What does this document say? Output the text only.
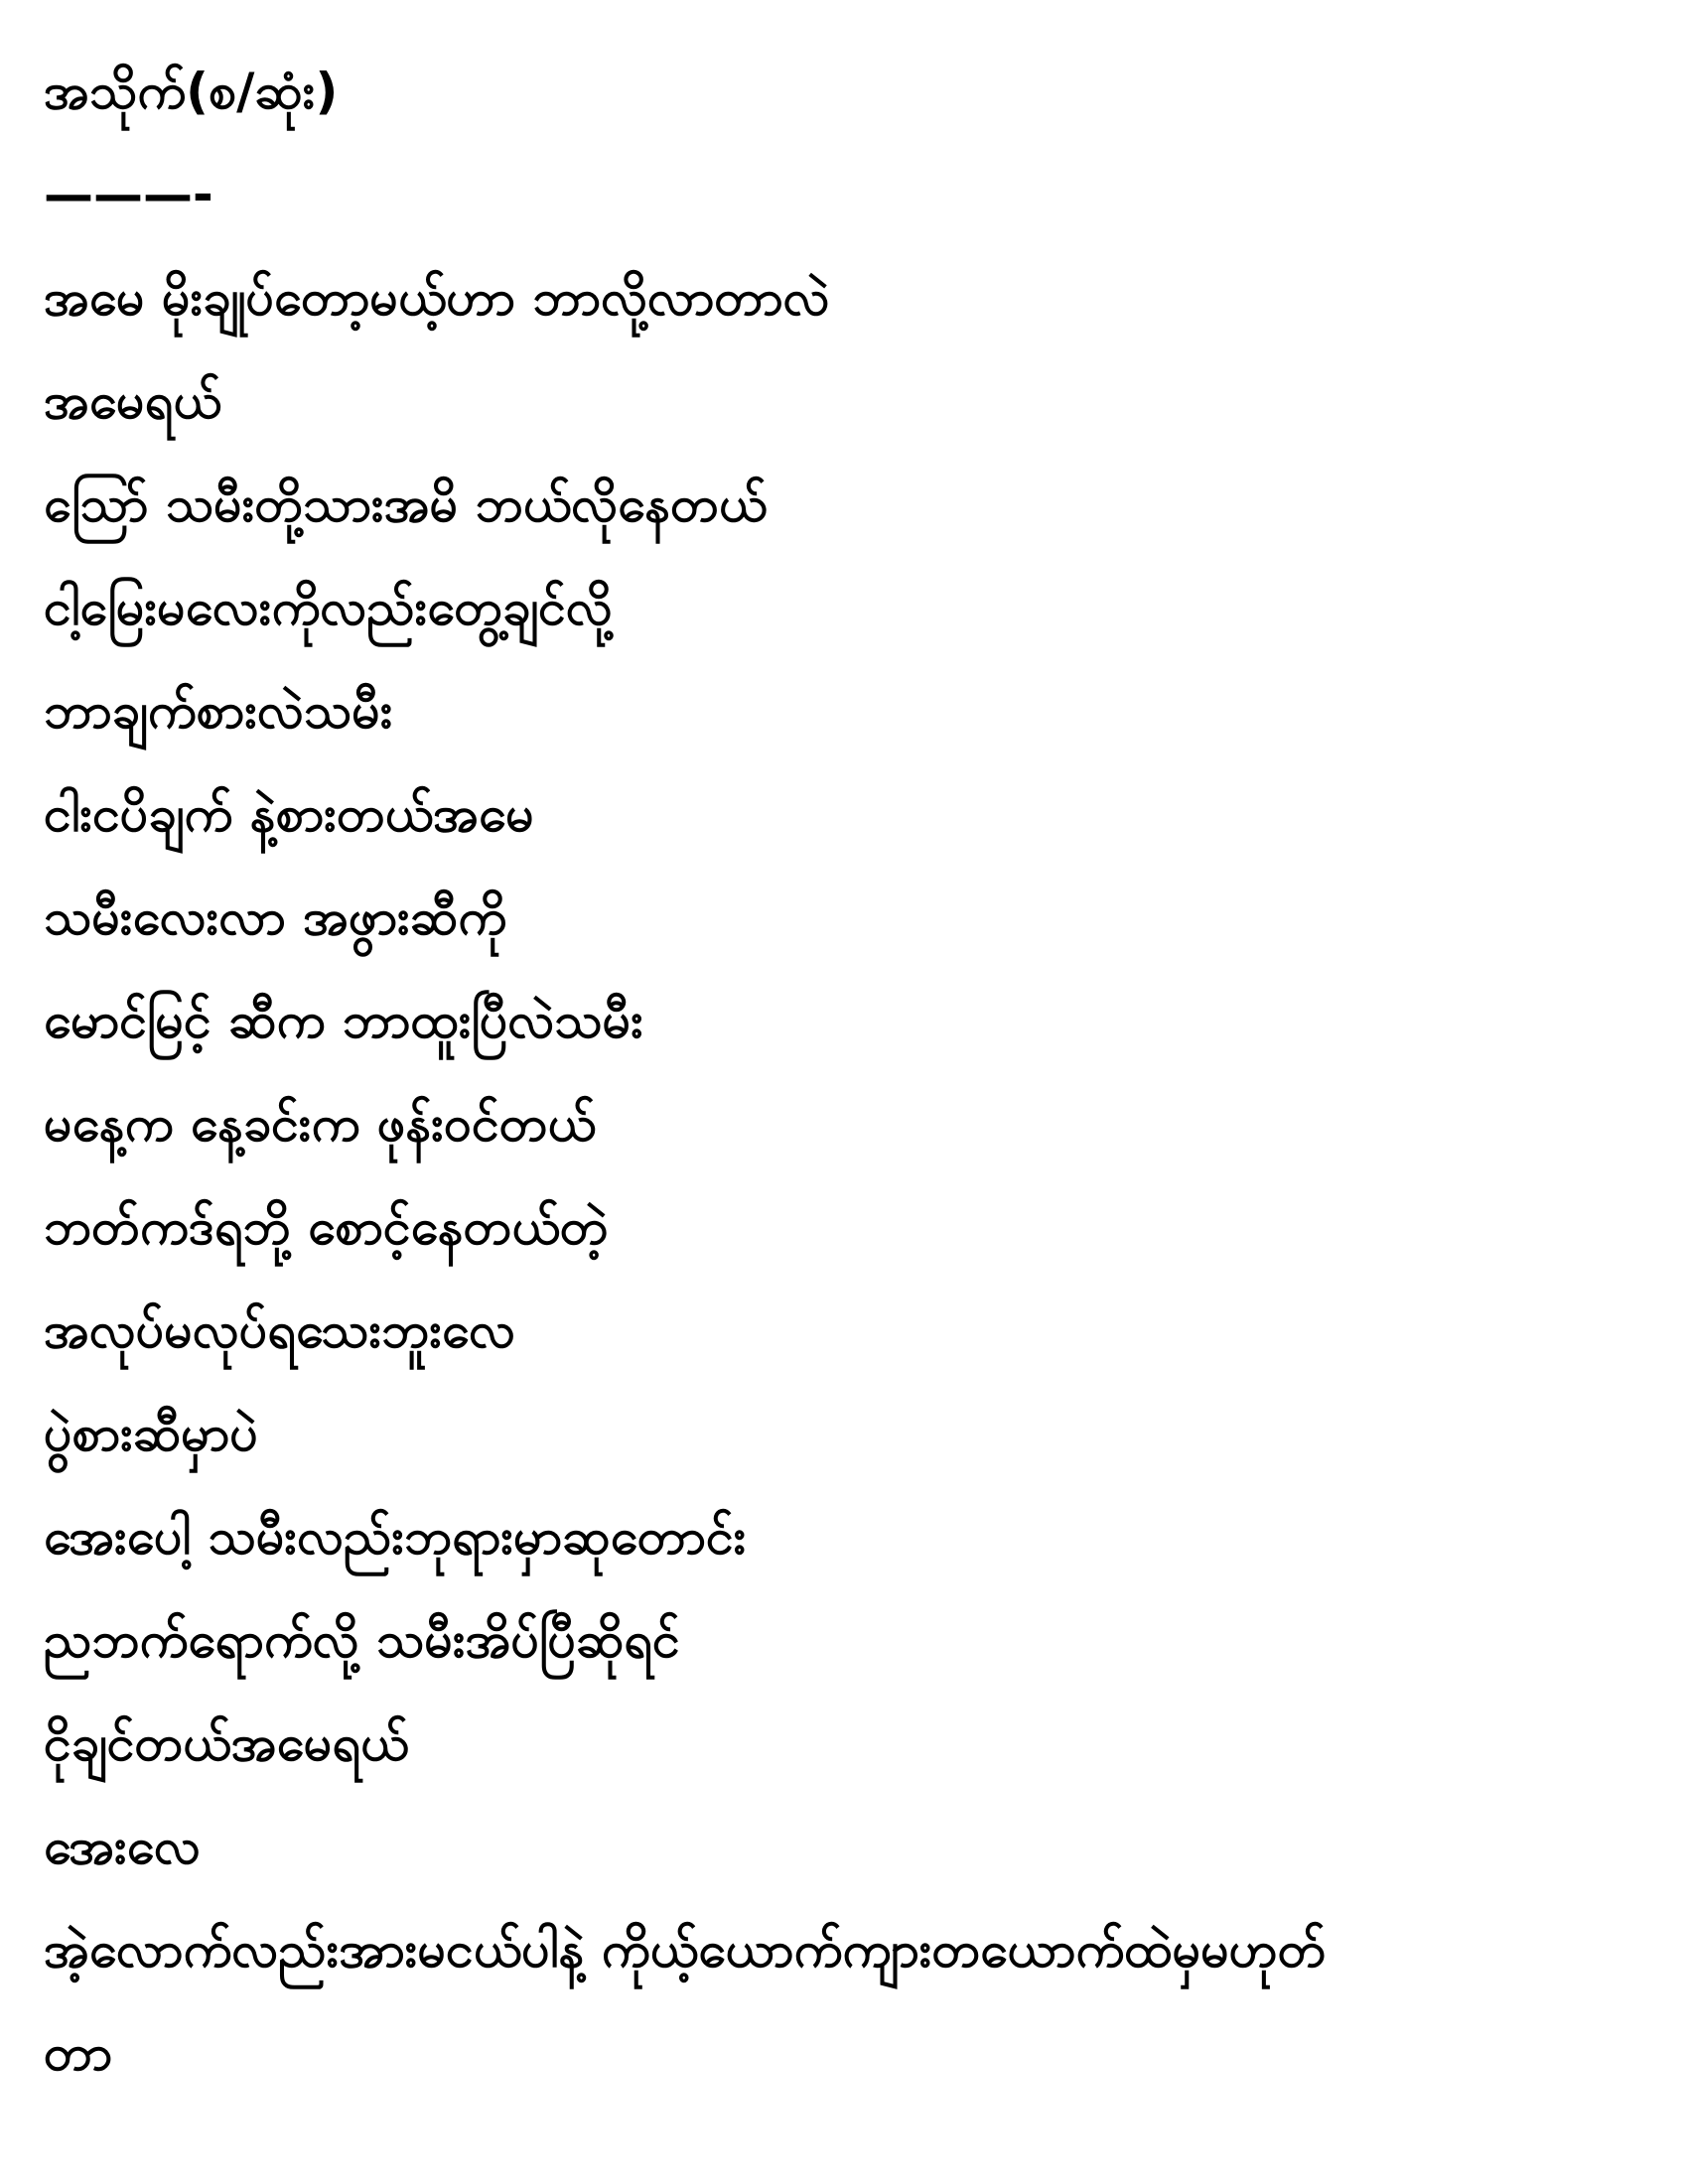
အသိုက်(စ/ဆုံး)
———-
အမေ မိုးချုပ်တော့မယ့်ဟာ ဘာလို့လာတာလဲ
အမေရယ်
ဩော် သမီးတို့သားအမိ ဘယ်လိုနေတယ်
ငါ့မြေးမလေးကိုလည်းတွေ့ချင်လို့
ဘာချက်စားလဲသမီး
ငါးငပိချက် နဲ့စားတယ်အမေ
သမီးလေးလာ အဖွားဆီကို
မောင်မြင့် ဆီက ဘာထူးပြီလဲသမီး
မနေ့က နေ့ခင်းက ဖုန်းဝင်တယ်
ဘတ်ကဒ်ရဘို့ စောင့်နေတယ်တဲ့
အလုပ်မလုပ်ရသေးဘူးလေ
ပွဲစားဆီမှာပဲ
အေးပေါ့ သမီးလည်းဘုရားမှာဆုတောင်း
ညဘက်ရောက်လို့ သမီးအိပ်ပြီဆိုရင်
ငိုချင်တယ်အမေရယ်
အေးလေ
အဲ့လောက်လည်းအားမငယ်ပါနဲ့ ကိုယ့်ယောက်ကျားတယောက်ထဲမှမဟုတ်
တာ
